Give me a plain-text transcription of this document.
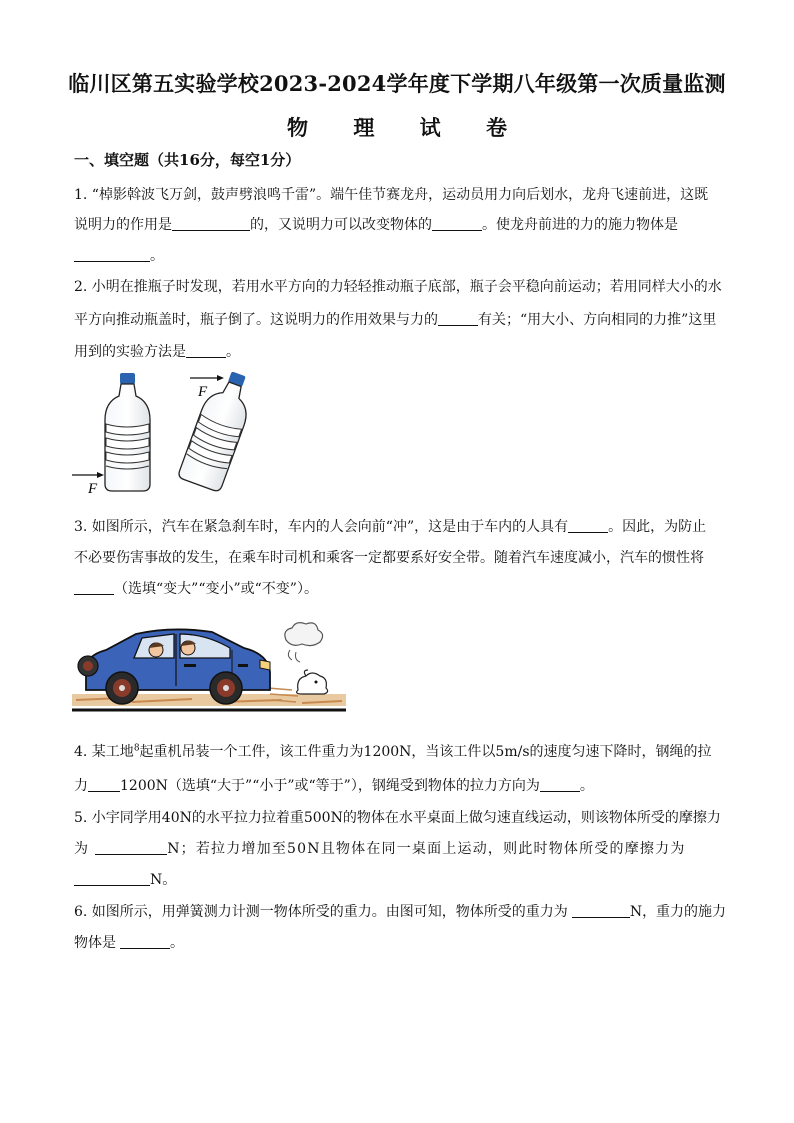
临川区第五实验学校2023-2024学年度下学期八年级第一次质量监测
物 理 试 卷
一、填空题（共16分，每空1分）
1. “棹影斡波飞万剑，鼓声劈浪鸣千雷”。端午佳节赛龙舟，运动员用力向后划水，龙舟飞速前进，这既
说明力的作用是	的，又说明力可以改变物体的	。使龙舟前进的力的施力物体是
。
2. 小明在推瓶子时发现，若用水平方向的力轻轻推动瓶子底部，瓶子会平稳向前运动；若用同样大小的水
平方向推动瓶盖时，瓶子倒了。这说明力的作用效果与力的	有关；“用大小、方向相同的力推”这里
用到的实验方法是	。
F
F
3. 如图所示，汽车在紧急刹车时，车内的人会向前“冲”，这是由于车内的人具有	。因此，为防止
不必要伤害事故的发生，在乘车时司机和乘客一定都要系好安全带。随着汽车速度减小，汽车的惯性将
（选填“变大”“变小”或“不变”）。
4. 某工地$^8$起重机吊装一个工件，该工件重力为1200N，当该工件以5m/s的速度匀速下降时，钢绳的拉
力 1200N（选填“大于”“小于”或“等于”），钢绳受到物体的拉力方向为	。
5. 小宇同学用40N的水平拉力拉着重500N的物体在水平桌面上做匀速直线运动，则该物体所受的摩擦力
为	N；若拉力增加至50N且物体在同一桌面上运动，则此时物体所受的摩擦力为
N。
6. 如图所示，用弹簧测力计测一物体所受的重力。由图可知，物体所受的重力为	N，重力的施力
物体是	。
